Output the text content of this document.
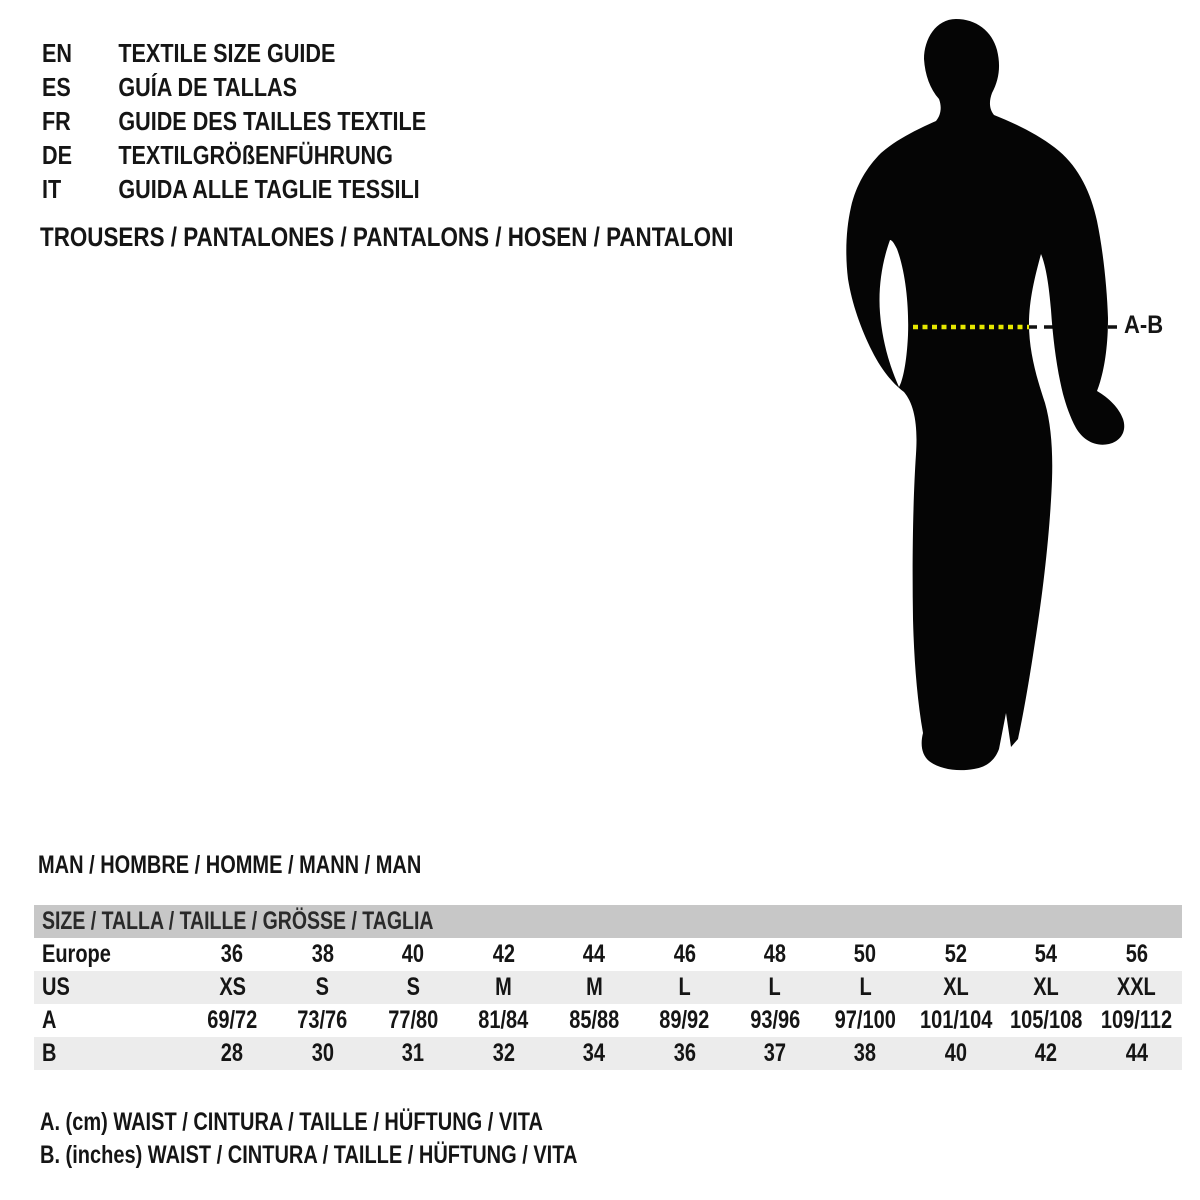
EN TEXTILE SIZE GUIDE
ES GUÍA DE TALLAS
FR GUIDE DES TAILLES TEXTILE
DE TEXTILGRÖßENFÜHRUNG
IT GUIDA ALLE TAGLIE TESSILI
TROUSERS / PANTALONES / PANTALONS / HOSEN / PANTALONI
A-B
MAN / HOMBRE / HOMME / MANN / MAN
SIZE / TALLA / TAILLE / GRÖSSE / TAGLIA
Europe	36	38	40	42	44	46	48	50	52	54	56
US	XS	S	S	M	M	L	L	L	XL	XL	XXL
A	69/72	73/76	77/80	81/84	85/88	89/92	93/96	97/100 101/104 105/108 109/112
B	28	30	31	32	34	36	37	38	40	42	44
A. (cm) WAIST / CINTURA / TAILLE / HÜFTUNG / VITA
B. (inches) WAIST / CINTURA / TAILLE / HÜFTUNG / VITA
